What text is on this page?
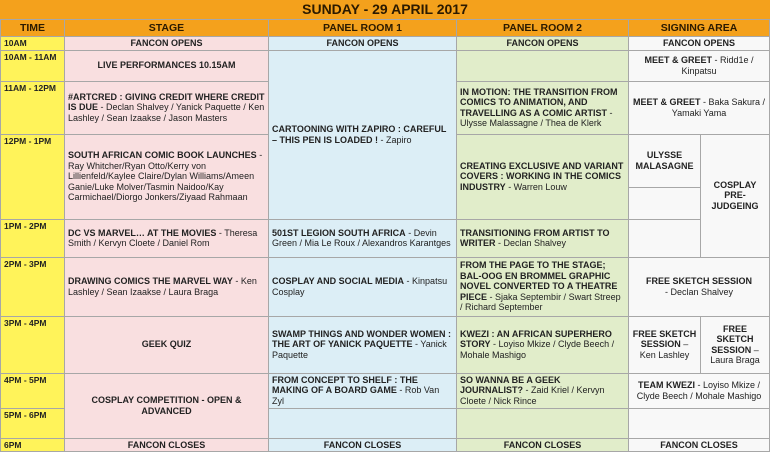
SUNDAY - 29 APRIL 2017
TIME	STAGE	PANEL ROOM 1	PANEL ROOM 2	SIGNING AREA	
10AM	FANCON OPENS	FANCON OPENS	FANCON OPENS	FANCON OPENS	
10AM - 11AM	LIVE PERFORMANCES 10.15AM	CARTOONING WITH ZAPIRO : CAREFUL – THIS PEN IS LOADED ! - Zapiro		MEET & GREET - Ridd1e / Kinpatsu	
11AM - 12PM	#ARTCRED : GIVING CREDIT WHERE CREDIT IS DUE - Declan Shalvey / Yanick Paquette / Ken Lashley / Sean Izaakse / Jason Masters		IN MOTION: THE TRANSITION FROM COMICS TO ANIMATION, AND TRAVELLING AS A COMIC ARTIST - Ulysse Malassagne / Thea de Klerk	MEET & GREET - Baka Sakura / Yamaki Yama	
12PM - 1PM	SOUTH AFRICAN COMIC BOOK LAUNCHES - Ray Whitcher/Ryan Otto/Kerry von Lillienfeld/Kaylee Claire/Dylan Williams/Ameen Ganie/Luke Molver/Tasmin Naidoo/Kay Carmichael/Diorgo Jonkers/Ziyaad Rahmaan		CREATING EXCLUSIVE AND VARIANT COVERS : WORKING IN THE COMICS INDUSTRY - Warren Louw	ULYSSE MALASAGNE	COSPLAY PRE-JUDGEING

1PM - 2PM	DC VS MARVEL… AT THE MOVIES - Theresa Smith / Kervyn Cloete / Daniel Rom	501ST LEGION SOUTH AFRICA - Devin Green / Mia Le Roux / Alexandros Karantges	TRANSITIONING FROM ARTIST TO WRITER - Declan Shalvey		
2PM - 3PM	DRAWING COMICS THE MARVEL WAY - Ken Lashley / Sean Izaakse / Laura Braga	COSPLAY AND SOCIAL MEDIA - Kinpatsu Cosplay	FROM THE PAGE TO THE STAGE; BAL-OOG EN BROMMEL GRAPHIC NOVEL CONVERTED TO A THEATRE PIECE - Sjaka Septembir / Swart Streep / Richard September	FREE SKETCH SESSION
- Declan Shalvey	
3PM - 4PM	GEEK QUIZ	SWAMP THINGS AND WONDER WOMEN : THE ART OF YANICK PAQUETTE - Yanick Paquette	KWEZI : AN AFRICAN SUPERHERO STORY - Loyiso Mkize / Clyde Beech / Mohale Mashigo	FREE SKETCH SESSION – Ken Lashley	FREE SKETCH SESSION – Laura Braga
4PM - 5PM	COSPLAY COMPETITION - OPEN & ADVANCED	FROM CONCEPT TO SHELF : THE MAKING OF A BOARD GAME - Rob Van Zyl	SO WANNA BE A GEEK JOURNALIST? - Zaid Kriel / Kervyn Cloete / Nick Rince	TEAM KWEZI - Loyiso Mkize / Clyde Beech / Mohale Mashigo	
5PM - 6PM					
6PM	FANCON CLOSES	FANCON CLOSES	FANCON CLOSES	FANCON CLOSES	
